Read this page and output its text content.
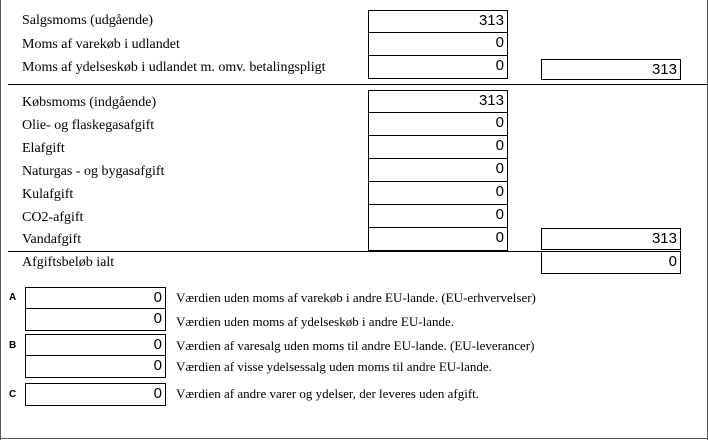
Salgsmoms (udgående)	313
Moms af varekøb i udlandet	0
Moms af ydelseskøb i udlandet m. omv. betalingspligt	0	313
Købsmoms (indgående)	313
Olie- og flaskegasafgift	0
Elafgift	0
Naturgas - og bygasafgift	0
Kulafgift	0
CO2-afgift	0
Vandafgift	0	313
Afgiftsbeløb ialt	0
A	0	Værdien uden moms af varekøb i andre EU-lande. (EU-erhvervelser)
0	Værdien uden moms af ydelseskøb i andre EU-lande.
B	0	Værdien af varesalg uden moms til andre EU-lande. (EU-leverancer)
0	Værdien af visse ydelsessalg uden moms til andre EU-lande.
C	0	Værdien af andre varer og ydelser, der leveres uden afgift.
